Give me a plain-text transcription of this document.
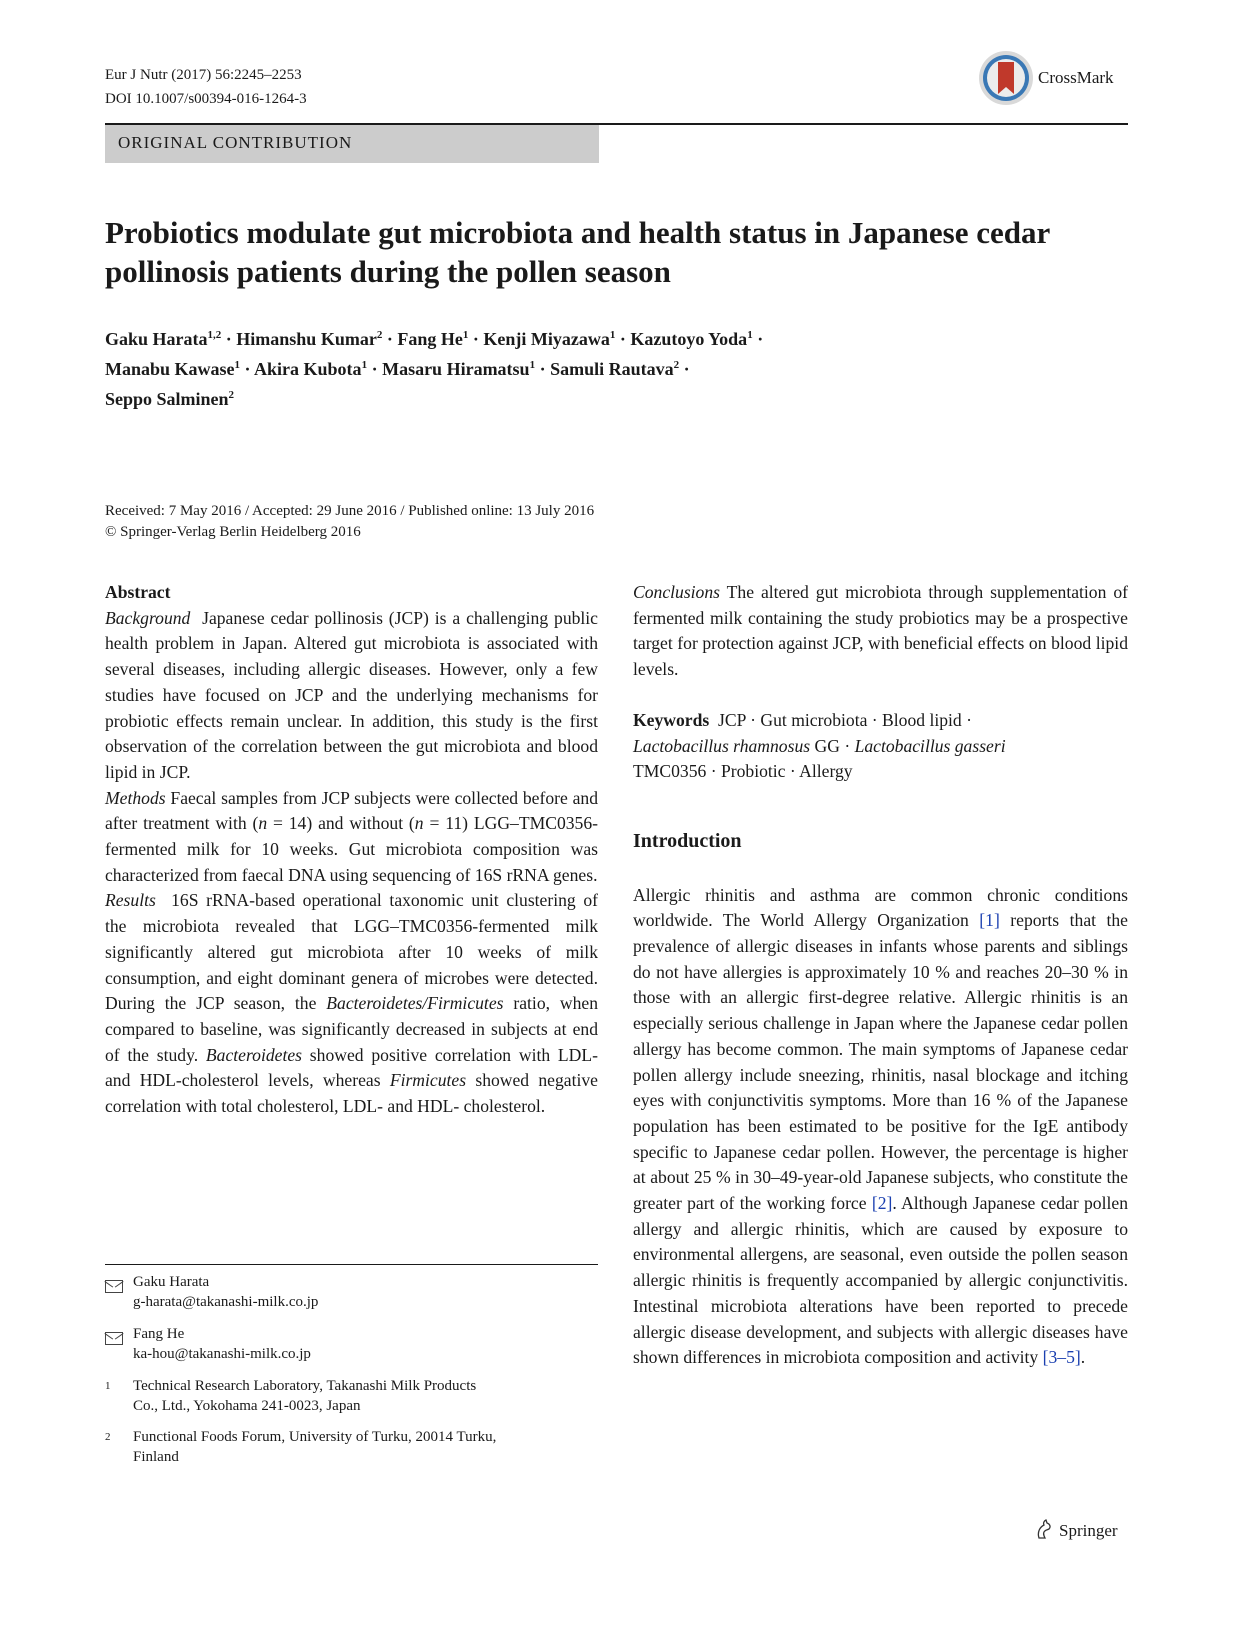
Eur J Nutr (2017) 56:2245–2253
DOI 10.1007/s00394-016-1264-3
CrossMark
ORIGINAL CONTRIBUTION
Probiotics modulate gut microbiota and health status in Japanese cedar pollinosis patients during the pollen season
Gaku Harata$^{1,2}$ · Himanshu Kumar$^2$ · Fang $He^1$ · Kenji Miyazawa$^1$ · Kazutoyo Yoda$^1$ ·
Manabu Kawase$^1$ · Akira Kubota$^1$ · Masaru Hiramatsu$^1$ · Samuli Rautava$^2$ ·
Seppo Salminen$^2$
Received: 7 May 2016 / Accepted: 29 June 2016 / Published online: 13 July 2016
© Springer-Verlag Berlin Heidelberg 2016
Abstract

Background Japanese cedar pollinosis (JCP) is a challenging public health problem in Japan. Altered gut microbiota is associated with several diseases, including allergic diseases. However, only a few studies have focused on JCP and the underlying mechanisms for probiotic effects remain unclear. In addition, this study is the first observation of the correlation between the gut microbiota and blood lipid in JCP.

Methods Faecal samples from JCP subjects were collected before and after treatment with (n = 14) and without (n = 11) LGG–TMC0356-fermented milk for 10 weeks. Gut microbiota composition was characterized from faecal DNA using sequencing of 16S rRNA genes.

Results 16S rRNA-based operational taxonomic unit clustering of the microbiota revealed that LGG–TMC0356-fermented milk significantly altered gut microbiota after 10 weeks of milk consumption, and eight dominant genera of microbes were detected. During the JCP season, the Bacteroidetes/Firmicutes ratio, when compared to baseline, was significantly decreased in subjects at end of the study. Bacteroidetes showed positive correlation with LDL- and HDL-cholesterol levels, whereas Firmicutes showed negative correlation with total cholesterol, LDL- and HDL- cholesterol.

Gaku Harata
g-harata@takanashi-milk.co.jp
Fang He
ka-hou@takanashi-milk.co.jp
1 Technical Research Laboratory, Takanashi Milk Products
Co., Ltd., Yokohama 241-0023, Japan
2 Functional Foods Forum, University of Turku, 20014 Turku,
Finland

Conclusions The altered gut microbiota through supplementation of fermented milk containing the study probiotics may be a prospective target for protection against JCP, with beneficial effects on blood lipid levels.

Keywords JCP · Gut microbiota · Blood lipid ·
Lactobacillus rhamnosus GG · Lactobacillus gasseri
TMC0356 · Probiotic · Allergy

Introduction

Allergic rhinitis and asthma are common chronic conditions worldwide. The World Allergy Organization [1] reports that the prevalence of allergic diseases in infants whose parents and siblings do not have allergies is approximately 10 % and reaches 20–30 % in those with an allergic first-degree relative. Allergic rhinitis is an especially serious challenge in Japan where the Japanese cedar pollen allergy has become common. The main symptoms of Japanese cedar pollen allergy include sneezing, rhinitis, nasal blockage and itching eyes with conjunctivitis symptoms. More than 16 % of the Japanese population has been estimated to be positive for the IgE antibody specific to Japanese cedar pollen. However, the percentage is higher at about 25 % in 30–49-year-old Japanese subjects, who constitute the greater part of the working force [2]. Although Japanese cedar pollen allergy and allergic rhinitis, which are caused by exposure to environmental allergens, are seasonal, even outside the pollen season allergic rhinitis is frequently accompanied by allergic conjunctivitis. Intestinal microbiota alterations have been reported to precede allergic disease development, and subjects with allergic diseases have shown differences in microbiota composition and activity [3–5].

Springer
